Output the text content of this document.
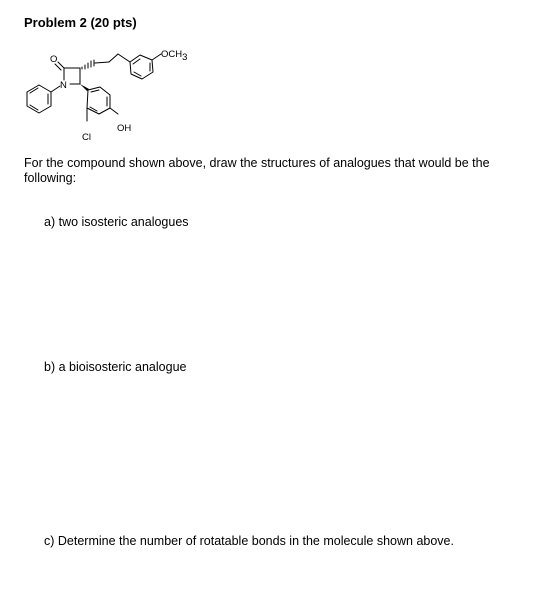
Problem 2 (20 pts)
O
N
OCH3
Cl
OH
For the compound shown above, draw the structures of analogues that would be the following:
a) two isosteric analogues
b) a bioisosteric analogue
c) Determine the number of rotatable bonds in the molecule shown above.
